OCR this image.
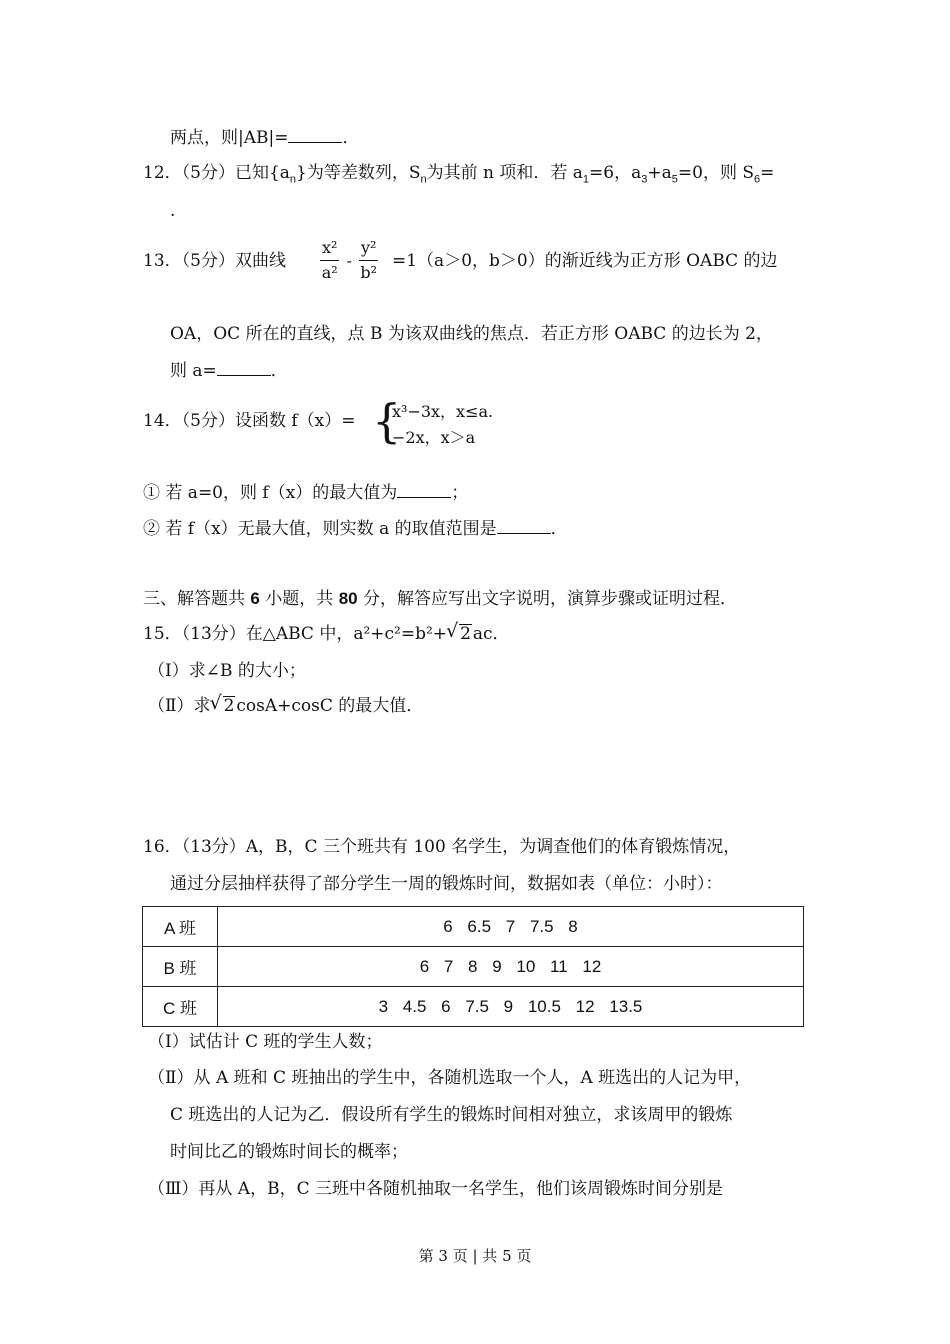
两点，则|AB|=	．
12．（5分）已知$\{a_n\}$为等差数列，$S_n$为其前 n 项和．若 $a_1=6$，$a_3+a_5=0$，则 $S_6=$
.
13．（5分）双曲线 $\frac{\text{x²}}{\text{a²}} - \frac{\text{y²}}{\text{b²}} =1(a>0$，b＞0）的渐近线为正方形 OABC 的边
OA，OC 所在的直线，点 B 为该双曲线的焦点．若正方形 OABC 的边长为 2，
则 a=	．
14．（5分）设函数 f（x）= {
x³−3x，x≤a.
−2x，x＞a
① 若 a=0，则 f（x）的最大值为	；
② 若 f（x）无最大值，则实数 a 的取值范围是	．
三、解答题共 6 小题，共 80 分，解答应写出文字说明，演算步骤或证明过程．
15．（13分）在△ABC 中，a²+c²=b²+ √ 2 ac．
（Ⅰ）求∠B 的大小；
（Ⅱ）求 √ 2 cosA+cosC 的最大值．
16．（13分）A，B，C 三个班共有 100 名学生，为调查他们的体育锻炼情况，
通过分层抽样获得了部分学生一周的锻炼时间，数据如表（单位：小时）：
A 班	6 6.5 7 7.5 8
B 班	6 7 8 9 10 11 12
C 班	3 4.5 6 7.5 9 10.5 12 13.5
（Ⅰ）试估计 C 班的学生人数；
（Ⅱ）从 A 班和 C 班抽出的学生中，各随机选取一个人，A 班选出的人记为甲，
C 班选出的人记为乙．假设所有学生的锻炼时间相对独立，求该周甲的锻炼
时间比乙的锻炼时间长的概率；
（Ⅲ）再从 A，B，C 三班中各随机抽取一名学生，他们该周锻炼时间分别是
第 3 页 | 共 5 页
